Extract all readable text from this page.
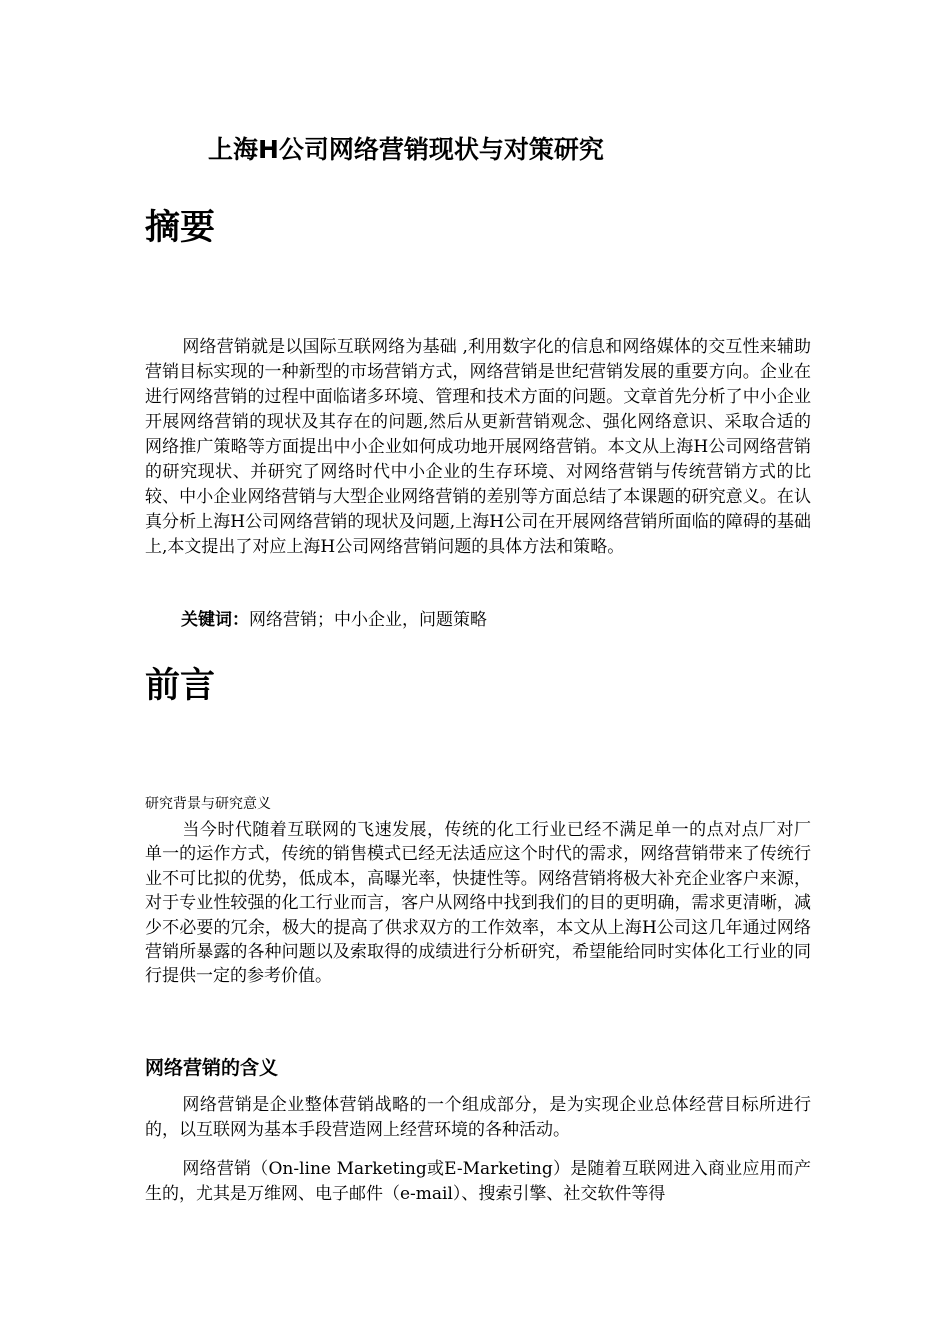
上海H公司网络营销现状与对策研究
摘要

网络营销就是以国际互联网络为基础 ,利用数字化的信息和网络媒体的交互性来辅助营销目标实现的一种新型的市场营销方式，网络营销是世纪营销发展的重要方向。企业在进行网络营销的过程中面临诸多环境、管理和技术方面的问题。文章首先分析了中小企业开展网络营销的现状及其存在的问题,然后从更新营销观念、强化网络意识、采取合适的网络推广策略等方面提出中小企业如何成功地开展网络营销。本文从上海H公司网络营销的研究现状、并研究了网络时代中小企业的生存环境、对网络营销与传统营销方式的比较、中小企业网络营销与大型企业网络营销的差别等方面总结了本课题的研究意义。在认真分析上海H公司网络营销的现状及问题,上海H公司在开展网络营销所面临的障碍的基础上,本文提出了对应上海H公司网络营销问题的具体方法和策略。

关键词：网络营销；中小企业，问题策略
前言
研究背景与研究意义

当今时代随着互联网的飞速发展，传统的化工行业已经不满足单一的点对点厂对厂单一的运作方式，传统的销售模式已经无法适应这个时代的需求，网络营销带来了传统行业不可比拟的优势，低成本，高曝光率，快捷性等。网络营销将极大补充企业客户来源，对于专业性较强的化工行业而言，客户从网络中找到我们的目的更明确，需求更清晰，减少不必要的冗余，极大的提高了供求双方的工作效率，本文从上海H公司这几年通过网络营销所暴露的各种问题以及索取得的成绩进行分析研究，希望能给同时实体化工行业的同行提供一定的参考价值。

网络营销的含义

网络营销是企业整体营销战略的一个组成部分，是为实现企业总体经营目标所进行的，以互联网为基本手段营造网上经营环境的各种活动。

网络营销（On-line Marketing或E-Marketing）是随着互联网进入商业应用而产生的，尤其是万维网、电子邮件（e-mail）、搜索引擎、社交软件等得
